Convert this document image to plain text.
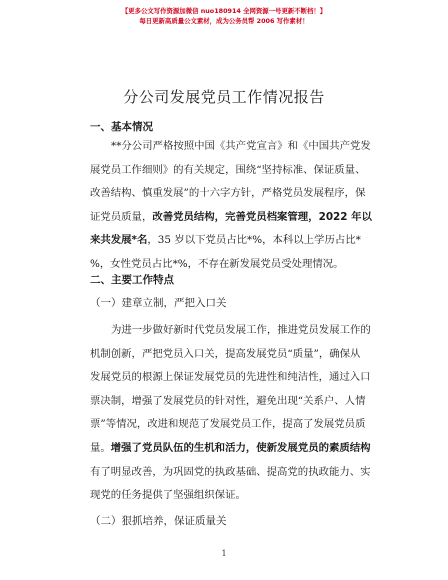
【更多公文写作资源加微信 nuo180914 全网资源一号更新不断档！】
每日更新高质量公文素材，成为公务员帮 2006 写作素材！
分公司发展党员工作情况报告
一、基本情况
**分公司严格按照中国《共产党宣言》和《中国共产党发
展党员工作细则》的有关规定，围绕“坚持标准、保证质量、
改善结构、慎重发展”的十六字方针，严格党员发展程序，保
证党员质量，改善党员结构，完善党员档案管理，2022 年以
来共发展*名，35 岁以下党员占比*%，本科以上学历占比*
%，女性党员占比*%，不存在新发展党员受处理情况。
二、主要工作特点
（一）建章立制，严把入口关
为进一步做好新时代党员发展工作，推进党员发展工作的
机制创新，严把党员入口关，提高发展党员“质量”，确保从
发展党员的根源上保证发展党员的先进性和纯洁性，通过入口
票决制，增强了发展党员的针对性，避免出现“关系户、人情
票”等情况，改进和规范了发展党员工作，提高了发展党员质
量。增强了党员队伍的生机和活力，使新发展党员的素质结构
有了明显改善，为巩固党的执政基础、提高党的执政能力、实
现党的任务提供了坚强组织保证。
（二）狠抓培养，保证质量关
1
